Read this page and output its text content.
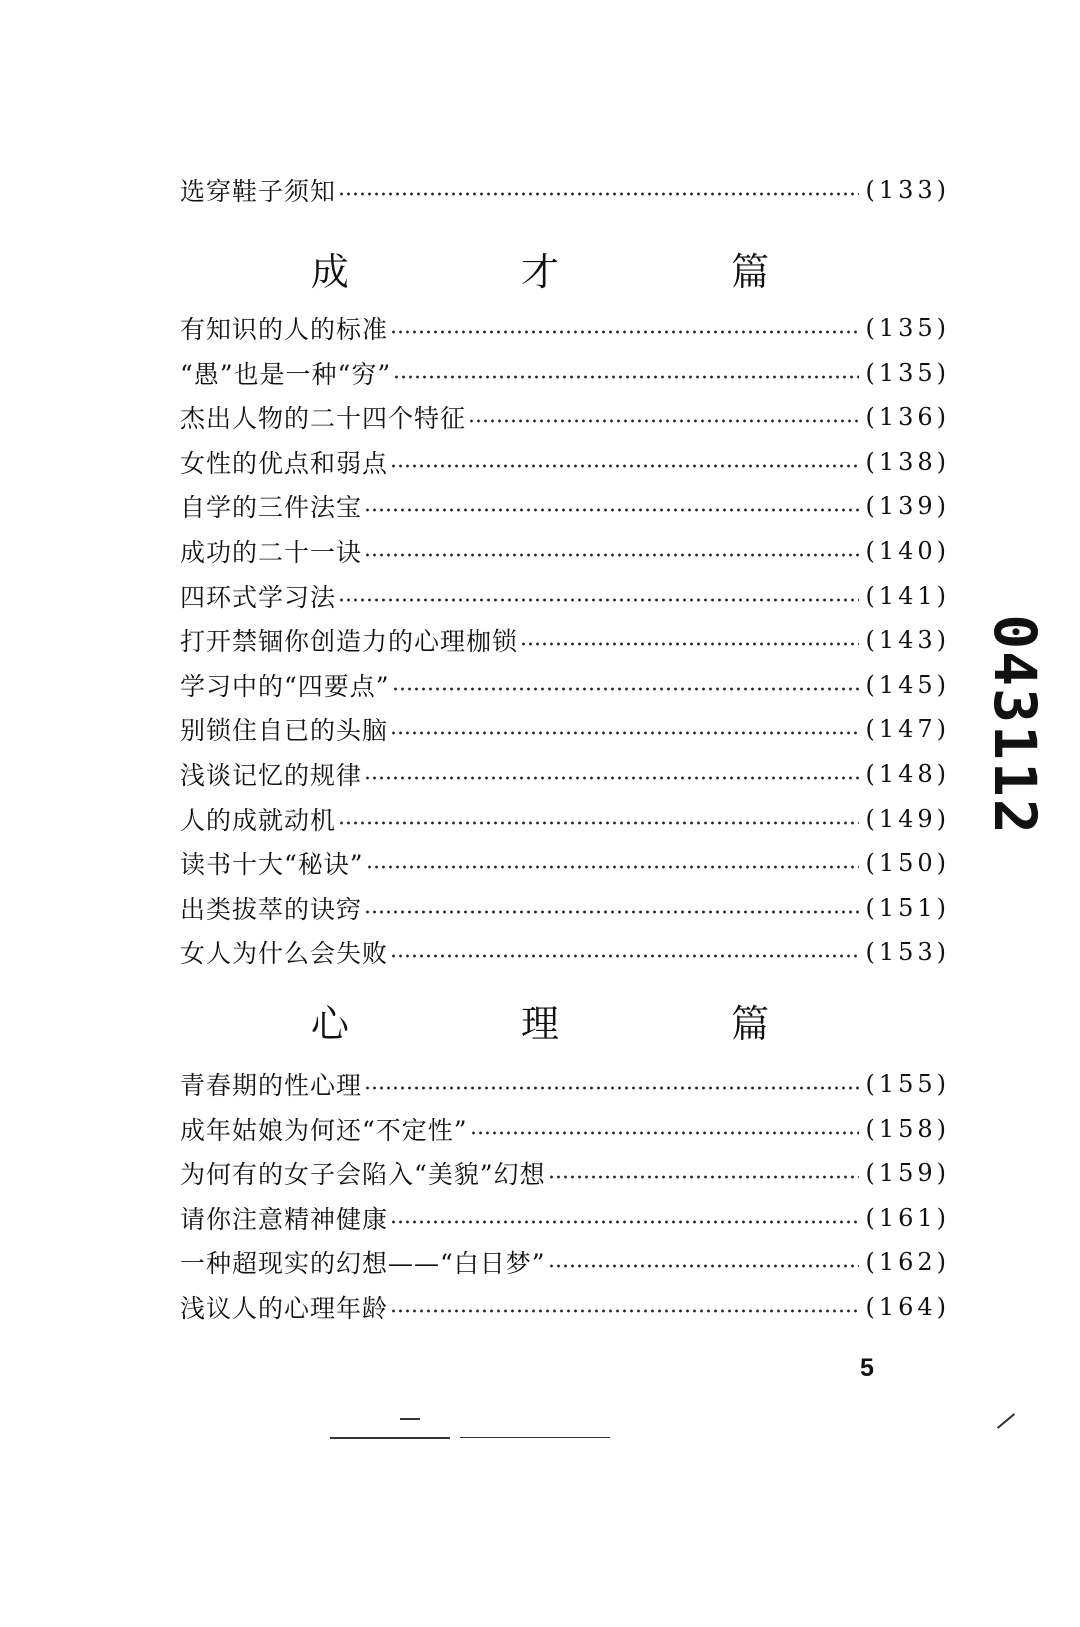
选穿鞋子须知	(133)
成 才 篇
有知识的人的标准	(135)
“愚”也是一种“穷”	(135)
杰出人物的二十四个特征	(136)
女性的优点和弱点	(138)
自学的三件法宝	(139)
成功的二十一诀	(140)
四环式学习法	(141)
打开禁锢你创造力的心理枷锁	(143)
学习中的“四要点”	(145)
别锁住自已的头脑	(147)
浅谈记忆的规律	(148)
人的成就动机	(149)
读书十大“秘诀”	(150)
出类拔萃的诀窍	(151)
女人为什么会失败	(153)
心 理 篇
青春期的性心理	(155)
成年姑娘为何还“不定性”	(158)
为何有的女子会陷入“美貌”幻想	(159)
请你注意精神健康	(161)
一种超现实的幻想——“白日梦”	(162)
浅议人的心理年龄	(164)
043112
5
